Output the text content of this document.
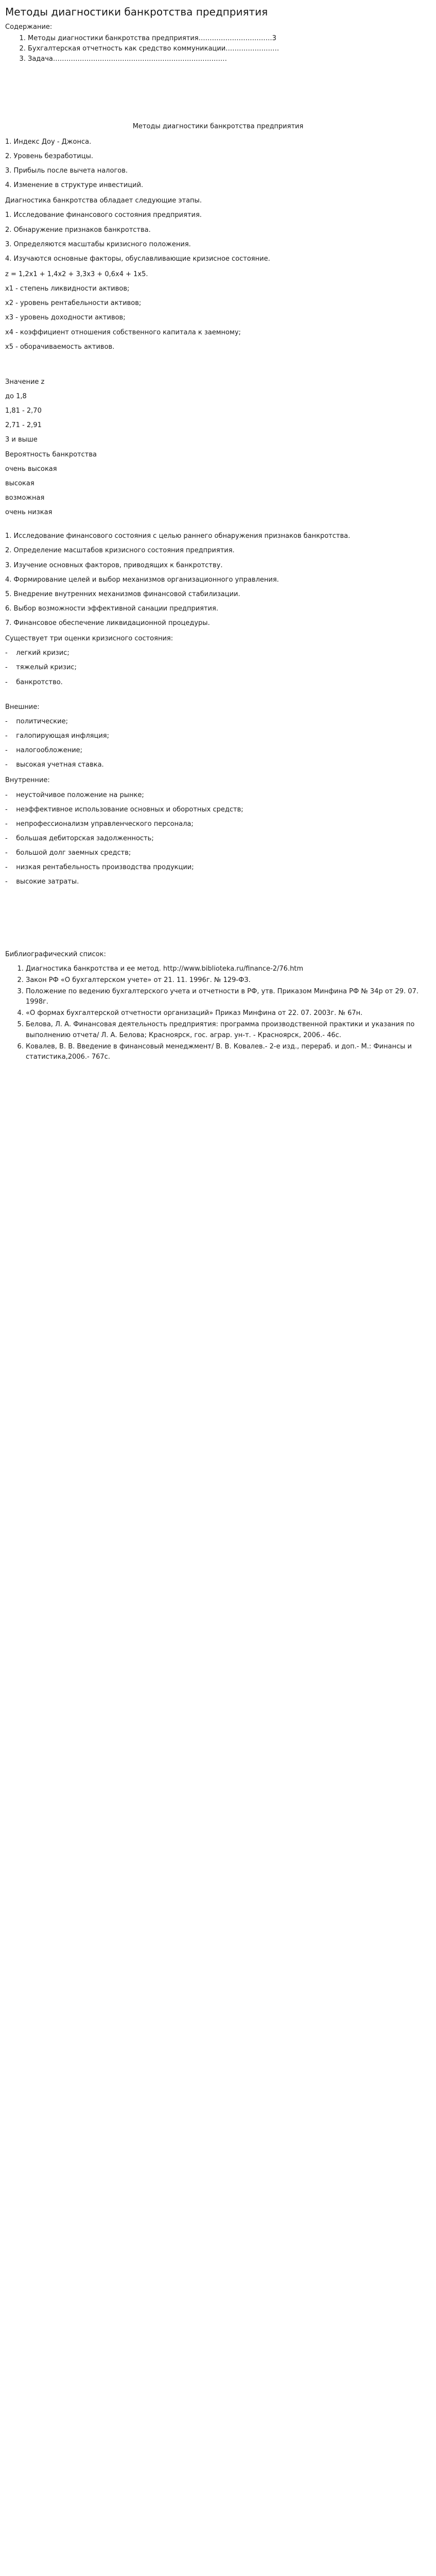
Методы диагностики банкротства предприятия
Содержание:
1. Методы диагностики банкротства предприятия……………………………3
2. Бухгалтерская отчетность как средство коммуникации……………………
3. Задача……………………………………………………………………
Методы диагностики банкротства предприятия
1. Индекс Доу - Джонса.
2. Уровень безработицы.
3. Прибыль после вычета налогов.
4. Изменение в структуре инвестиций.
Диагностика банкротства обладает следующие этапы.
1. Исследование финансового состояния предприятия.
2. Обнаружение признаков банкротства.
3. Определяются масштабы кризисного положения.
4. Изучаются основные факторы, обуславливающие кризисное состояние.
z = 1,2x1 + 1,4x2 + 3,3x3 + 0,6x4 + 1x5.
x1 - степень ликвидности активов;
x2 - уровень рентабельности активов;
x3 - уровень доходности активов;
x4 - коэффициент отношения собственного капитала к заемному;
x5 - оборачиваемость активов.
Значение z
до 1,8
1,81 - 2,70
2,71 - 2,91
3 и выше
Вероятность банкротства
очень высокая
высокая
возможная
очень низкая
1. Исследование финансового состояния с целью раннего обнаружения признаков банкротства.
2. Определение масштабов кризисного состояния предприятия.
3. Изучение основных факторов, приводящих к банкротству.
4. Формирование целей и выбор механизмов организационного управления.
5. Внедрение внутренних механизмов финансовой стабилизации.
6. Выбор возможности эффективной санации предприятия.
7. Финансовое обеспечение ликвидационной процедуры.
Существует три оценки кризисного состояния:
- легкий кризис;
- тяжелый кризис;
- банкротство.
Внешние:
- политические;
- галопирующая инфляция;
- налогообложение;
- высокая учетная ставка.
Внутренние:
- неустойчивое положение на рынке;
- неэффективное использование основных и оборотных средств;
- непрофессионализм управленческого персонала;
- большая дебиторская задолженность;
- большой долг заемных средств;
- низкая рентабельность производства продукции;
- высокие затраты.
Библиографический список:
1. Диагностика банкротства и ее метод. http://www.biblioteka.ru/finance-2/76.htm
2. Закон РФ «О бухгалтерском учете» от 21. 11. 1996г. № 129-ФЗ.
3. Положение по ведению бухгалтерского учета и отчетности в РФ, утв. Приказом Минфина РФ № 34р от 29. 07. 1998г.
4. «О формах бухгалтерской отчетности организаций» Приказ Минфина от 22. 07. 2003г. № 67н.
5. Белова, Л. А. Финансовая деятельность предприятия: программа производственной практики и указания по выполнению отчета/ Л. А. Белова; Красноярск, гос. аграр. ун-т. - Красноярск, 2006.- 46с.
6. Ковалев, В. В. Введение в финансовый менеджмент/ В. В. Ковалев.- 2-е изд., перераб. и доп.- М.: Финансы и статистика,2006.- 767с.
